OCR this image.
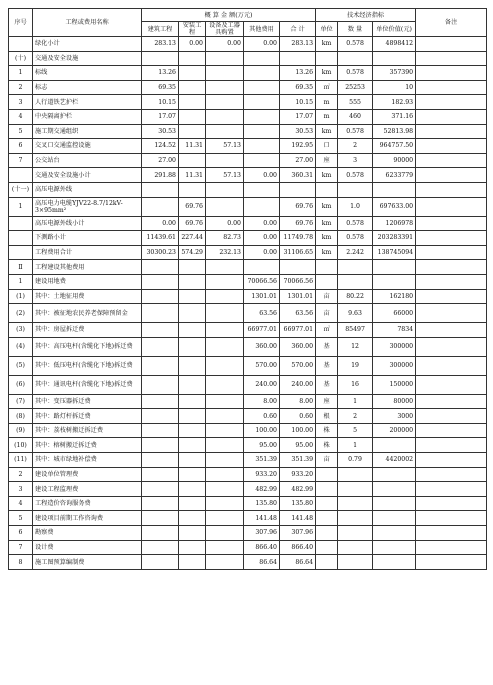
序号	工程或费用名称	概 算 金 额(万元)					技术经济指标			备注
		建筑工程	安装工程	设备及工器具购置	其他费用	合 计	单位	数 量	单位价值(元)	
	绿化小计	283.13	0.00	0.00	0.00	283.13	km	0.578	4898412	
(十)	交通及安全设施									
1	标线	13.26				13.26	km	0.578	357390	
2	标志	69.35				69.35	㎡	25253	10	
3	人行道铁艺护栏	10.15				10.15	m	555	182.93	
4	中央隔离护栏	17.07				17.07	m	460	371.16	
5	施工期交通组织	30.53				30.53	km	0.578	52813.98	
6	交叉口交通监控设施	124.52	11.31	57.13		192.95	口	2	964757.50	
7	公交站台	27.00				27.00	座	3	90000	
	交通及安全设施小计	291.88	11.31	57.13	0.00	360.31	km	0.578	6233779	
(十一)	高压电源外线									
1	高压电力电缆YJV22-8.7/12kV-3×95mm²		69.76			69.76	km	1.0	697633.00	
	高压电源外线小计	0.00	69.76	0.00	0.00	69.76	km	0.578	1206978	
	下测路小计	11439.61	227.44	82.73	0.00	11749.78	km	0.578	203283391	
	工程费用合计	30300.23	574.29	232.13	0.00	31106.65	km	2.242	138745094	
Ⅱ	工程建设其他费用									
1	建设用地费				70066.56	70066.56				
(1)	其中：土地征用费				1301.01	1301.01	亩	80.22	162180	
(2)	其中：被征地农民养老保障预留金				63.56	63.56	亩	9.63	66000	
(3)	其中：房屋拆迁费				66977.01	66977.01	㎡	85497	7834	
(4)	其中：高压电杆(含缆化下地)拆迁费				360.00	360.00	基	12	300000	
(5)	其中：低压电杆(含缆化下地)拆迁费				570.00	570.00	基	19	300000	
(6)	其中：通讯电杆(含缆化下地)拆迁费				240.00	240.00	基	16	150000	
(7)	其中：变压器拆迁费				8.00	8.00	座	1	80000	
(8)	其中：路灯杆拆迁费				0.60	0.60	根	2	3000	
(9)	其中：荔枝树搬迁拆迁费				100.00	100.00	株	5	200000	
(10)	其中：榕树搬迁拆迁费				95.00	95.00	株	1		
(11)	其中：城市绿地补偿费				351.39	351.39	亩	0.79	4420002	
2	建设单位管理费				933.20	933.20				
3	建设工程监理费				482.99	482.99				
4	工程造价咨询服务费				135.80	135.80				
5	建设项目前期工作咨询费				141.48	141.48				
6	勘察费				307.96	307.96				
7	设计费				866.40	866.40				
8	施工图预算编制费				86.64	86.64				
